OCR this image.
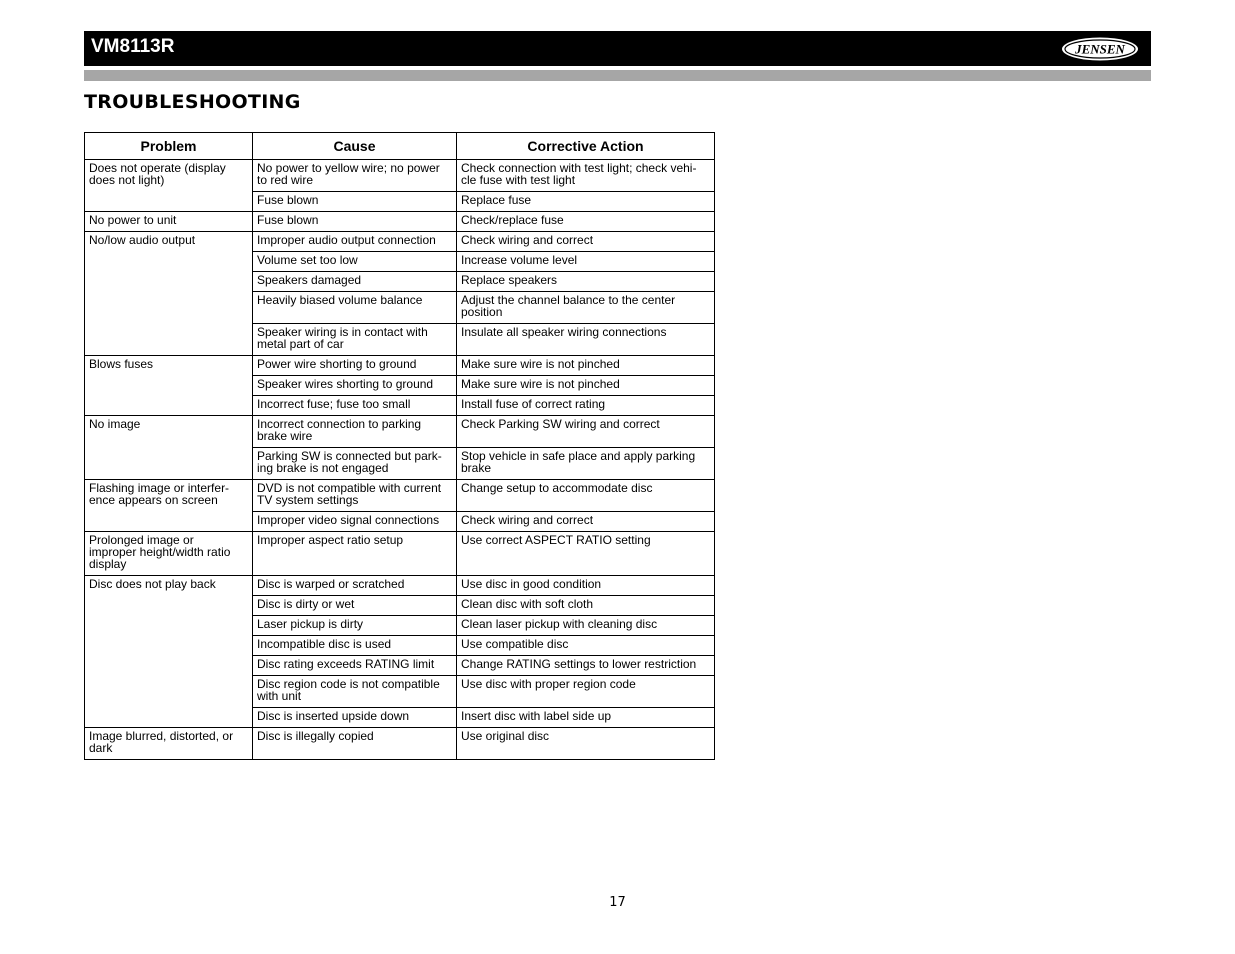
VM8113R	JENSEN
TROUBLESHOOTING
Problem	Cause	Corrective Action
Does not operate (display does not light)	No power to yellow wire; no power to red wire	Check connection with test light; check vehi-cle fuse with test light
	Fuse blown	Replace fuse
No power to unit	Fuse blown	Check/replace fuse
No/low audio output	Improper audio output connection	Check wiring and correct
	Volume set too low	Increase volume level
	Speakers damaged	Replace speakers
	Heavily biased volume balance	Adjust the channel balance to the center position
	Speaker wiring is in contact with metal part of car	Insulate all speaker wiring connections
Blows fuses	Power wire shorting to ground	Make sure wire is not pinched
	Speaker wires shorting to ground	Make sure wire is not pinched
	Incorrect fuse; fuse too small	Install fuse of correct rating
No image	Incorrect connection to parking brake wire	Check Parking SW wiring and correct
	Parking SW is connected but park-ing brake is not engaged	Stop vehicle in safe place and apply parking brake
Flashing image or interfer-ence appears on screen	DVD is not compatible with current TV system settings	Change setup to accommodate disc
	Improper video signal connections	Check wiring and correct
Prolonged image or improper height/width ratio display	Improper aspect ratio setup	Use correct ASPECT RATIO setting
Disc does not play back	Disc is warped or scratched	Use disc in good condition
	Disc is dirty or wet	Clean disc with soft cloth
	Laser pickup is dirty	Clean laser pickup with cleaning disc
	Incompatible disc is used	Use compatible disc
	Disc rating exceeds RATING limit	Change RATING settings to lower restriction
	Disc region code is not compatible with unit	Use disc with proper region code
	Disc is inserted upside down	Insert disc with label side up
Image blurred, distorted, or dark	Disc is illegally copied	Use original disc
17
